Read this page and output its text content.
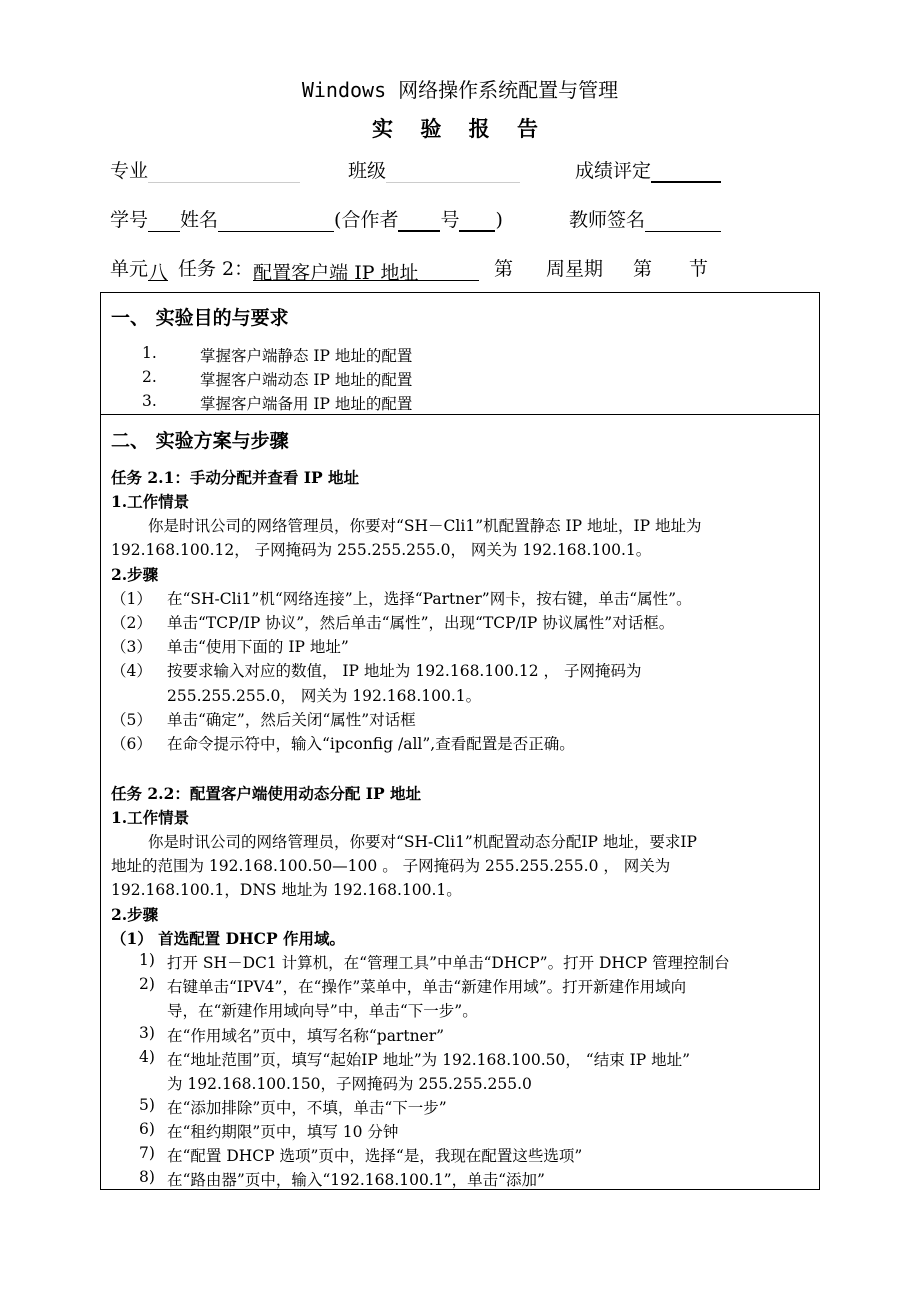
Windows 网络操作系统配置与管理
实 验 报 告
专业	班级	成绩评定
学号 姓名	(合作者 号 )	教师签名
单元八 任务 2：配置客户端 IP 地址	第 周星期 第 节
一、 实验目的与要求
1.	掌握客户端静态 IP 地址的配置
2.	掌握客户端动态 IP 地址的配置
3.	掌握客户端备用 IP 地址的配置
二、 实验方案与步骤
任务 2.1：手动分配并查看 IP 地址
1.工作情景
你是时讯公司的网络管理员，你要对“SH－Cli1”机配置静态 IP 地址，IP 地址为
192.168.100.12， 子网掩码为 255.255.255.0， 网关为 192.168.100.1。
2.步骤
（1） 在“SH-Cli1”机“网络连接”上，选择“Partner”网卡，按右键，单击“属性”。
（2） 单击“TCP/IP 协议”，然后单击“属性”，出现“TCP/IP 协议属性”对话框。
（3） 单击“使用下面的 IP 地址”
（4） 按要求输入对应的数值， IP 地址为 192.168.100.12 ， 子网掩码为
255.255.255.0， 网关为 192.168.100.1。
（5） 单击“确定”，然后关闭“属性”对话框
（6） 在命令提示符中，输入“ipconfig /all”,查看配置是否正确。
任务 2.2：配置客户端使用动态分配 IP 地址
1.工作情景
你是时讯公司的网络管理员，你要对“SH-Cli1”机配置动态分配IP 地址，要求IP
地址的范围为 192.168.100.50—100 。 子网掩码为 255.255.255.0 ， 网关为
192.168.100.1，DNS 地址为 192.168.100.1。
2.步骤
（1） 首选配置 DHCP 作用域。
1) 打开 SH－DC1 计算机，在“管理工具”中单击“DHCP”。打开 DHCP 管理控制台
2) 右键单击“IPV4”，在“操作”菜单中，单击“新建作用域”。打开新建作用域向
导，在“新建作用域向导”中，单击“下一步”。
3) 在“作用域名”页中，填写名称“partner”
4) 在“地址范围”页，填写“起始IP 地址”为 192.168.100.50， “结束 IP 地址”
为 192.168.100.150，子网掩码为 255.255.255.0
5) 在“添加排除”页中，不填，单击“下一步”
6) 在“租约期限”页中，填写 10 分钟
7) 在“配置 DHCP 选项”页中，选择“是，我现在配置这些选项”
8) 在“路由器”页中，输入“192.168.100.1”，单击“添加”
